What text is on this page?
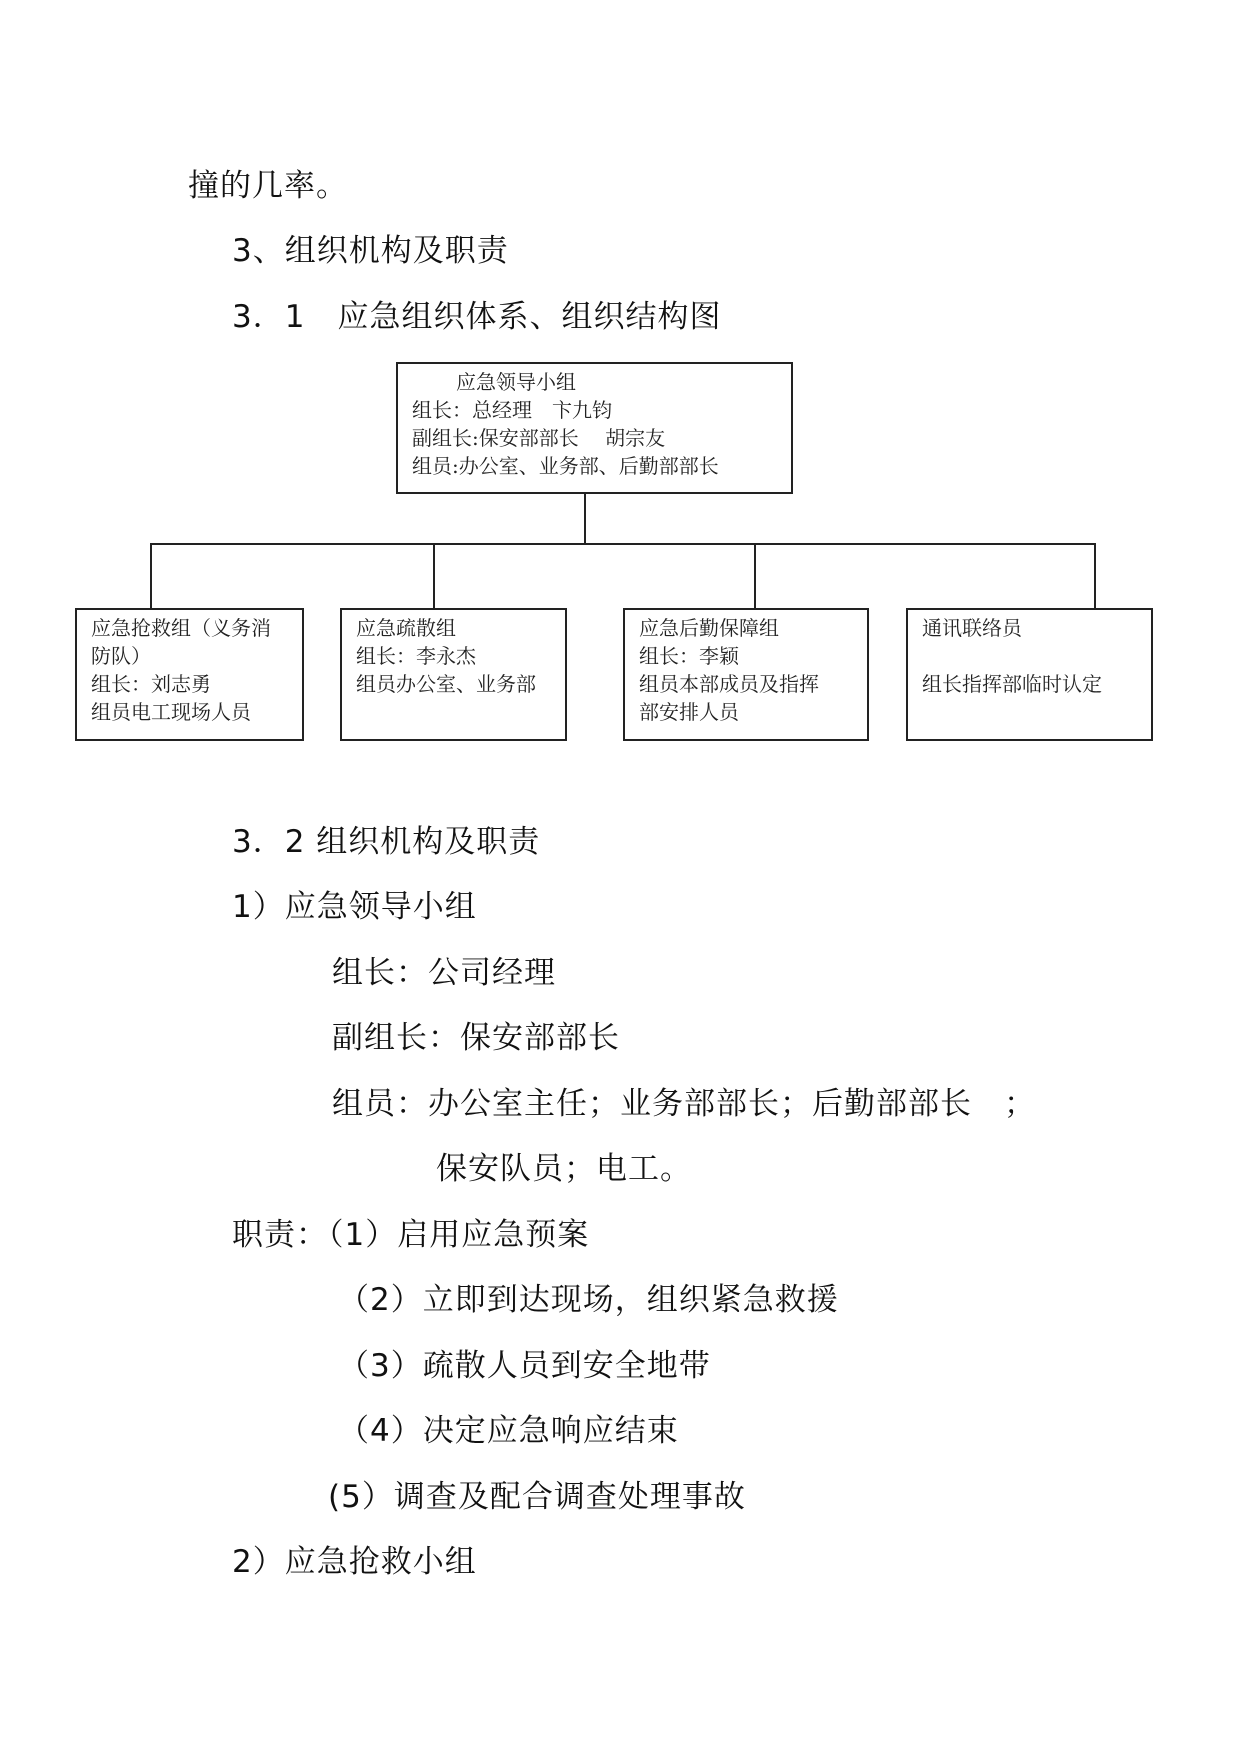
撞的几率。
3、组织机构及职责
3．1　应急组织体系、组织结构图
应急领导小组
组长：总经理　卞九钧
副组长:保安部部长　 胡宗友
组员:办公室、业务部、后勤部部长
应急抢救组（义务消
防队）
组长：刘志勇
组员电工现场人员
应急疏散组
组长：李永杰
组员办公室、业务部
应急后勤保障组
组长：李颖
组员本部成员及指挥
部安排人员
通讯联络员
组长指挥部临时认定
3．2 组织机构及职责
1）应急领导小组
组长：公司经理
副组长：保安部部长
组员：办公室主任；业务部部长；后勤部部长　；
保安队员；电工。
职责：（1）启用应急预案
（2）立即到达现场，组织紧急救援
（3）疏散人员到安全地带
（4）决定应急响应结束
(5）调查及配合调查处理事故
2）应急抢救小组
